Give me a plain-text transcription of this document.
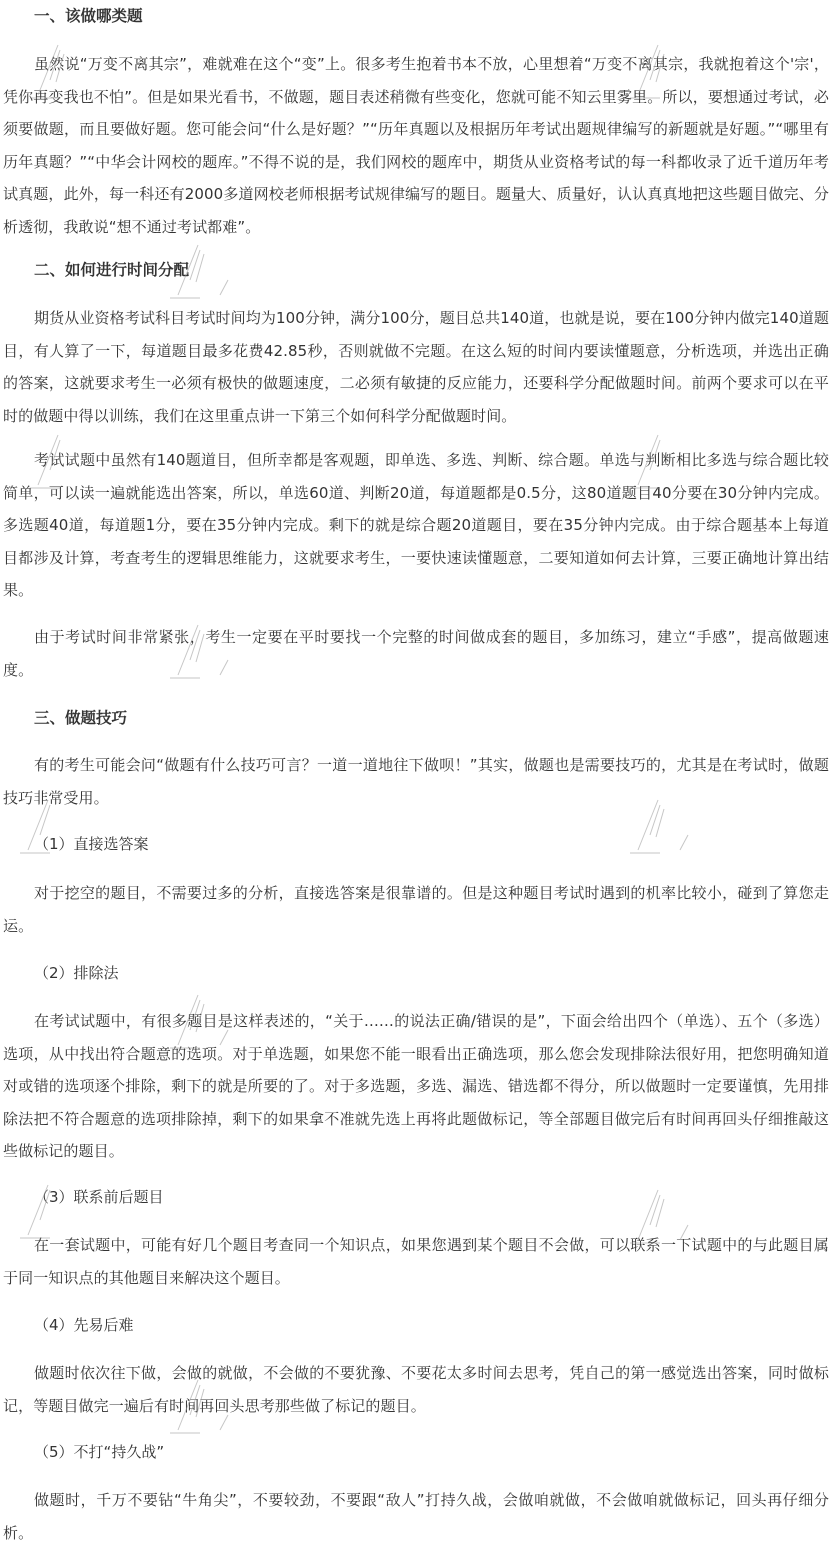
一、该做哪类题

虽然说“万变不离其宗”，难就难在这个“变”上。很多考生抱着书本不放，心里想着“万变不离其宗，我就抱着这个'宗'，凭你再变我也不怕”。但是如果光看书，不做题，题目表述稍微有些变化，您就可能不知云里雾里。所以，要想通过考试，必须要做题，而且要做好题。您可能会问“什么是好题？”“历年真题以及根据历年考试出题规律编写的新题就是好题。”“哪里有历年真题？”“中华会计网校的题库。”不得不说的是，我们网校的题库中，期货从业资格考试的每一科都收录了近千道历年考试真题，此外，每一科还有2000多道网校老师根据考试规律编写的题目。题量大、质量好，认认真真地把这些题目做完、分析透彻，我敢说“想不通过考试都难”。

二、如何进行时间分配

期货从业资格考试科目考试时间均为100分钟，满分100分，题目总共140道，也就是说，要在100分钟内做完140道题目，有人算了一下，每道题目最多花费42.85秒，否则就做不完题。在这么短的时间内要读懂题意，分析选项，并选出正确的答案，这就要求考生一必须有极快的做题速度，二必须有敏捷的反应能力，还要科学分配做题时间。前两个要求可以在平时的做题中得以训练，我们在这里重点讲一下第三个如何科学分配做题时间。

考试试题中虽然有140题道目，但所幸都是客观题，即单选、多选、判断、综合题。单选与判断相比多选与综合题比较简单，可以读一遍就能选出答案，所以，单选60道、判断20道，每道题都是0.5分，这80道题目40分要在30分钟内完成。多选题40道，每道题1分，要在35分钟内完成。剩下的就是综合题20道题目，要在35分钟内完成。由于综合题基本上每道目都涉及计算，考查考生的逻辑思维能力，这就要求考生，一要快速读懂题意，二要知道如何去计算，三要正确地计算出结果。

由于考试时间非常紧张，考生一定要在平时要找一个完整的时间做成套的题目，多加练习，建立“手感”，提高做题速度。

三、做题技巧

有的考生可能会问“做题有什么技巧可言？一道一道地往下做呗！”其实，做题也是需要技巧的，尤其是在考试时，做题技巧非常受用。

（1）直接选答案

对于挖空的题目，不需要过多的分析，直接选答案是很靠谱的。但是这种题目考试时遇到的机率比较小，碰到了算您走运。

（2）排除法

在考试试题中，有很多题目是这样表述的，“关于……的说法正确/错误的是”，下面会给出四个（单选）、五个（多选）选项，从中找出符合题意的选项。对于单选题，如果您不能一眼看出正确选项，那么您会发现排除法很好用，把您明确知道对或错的选项逐个排除，剩下的就是所要的了。对于多选题，多选、漏选、错选都不得分，所以做题时一定要谨慎，先用排除法把不符合题意的选项排除掉，剩下的如果拿不准就先选上再将此题做标记，等全部题目做完后有时间再回头仔细推敲这些做标记的题目。

（3）联系前后题目

在一套试题中，可能有好几个题目考查同一个知识点，如果您遇到某个题目不会做，可以联系一下试题中的与此题目属于同一知识点的其他题目来解决这个题目。

（4）先易后难

做题时依次往下做，会做的就做，不会做的不要犹豫、不要花太多时间去思考，凭自己的第一感觉选出答案，同时做标记，等题目做完一遍后有时间再回头思考那些做了标记的题目。

（5）不打“持久战”

做题时，千万不要钻“牛角尖”，不要较劲，不要跟“敌人”打持久战，会做咱就做，不会做咱就做标记，回头再仔细分析。
